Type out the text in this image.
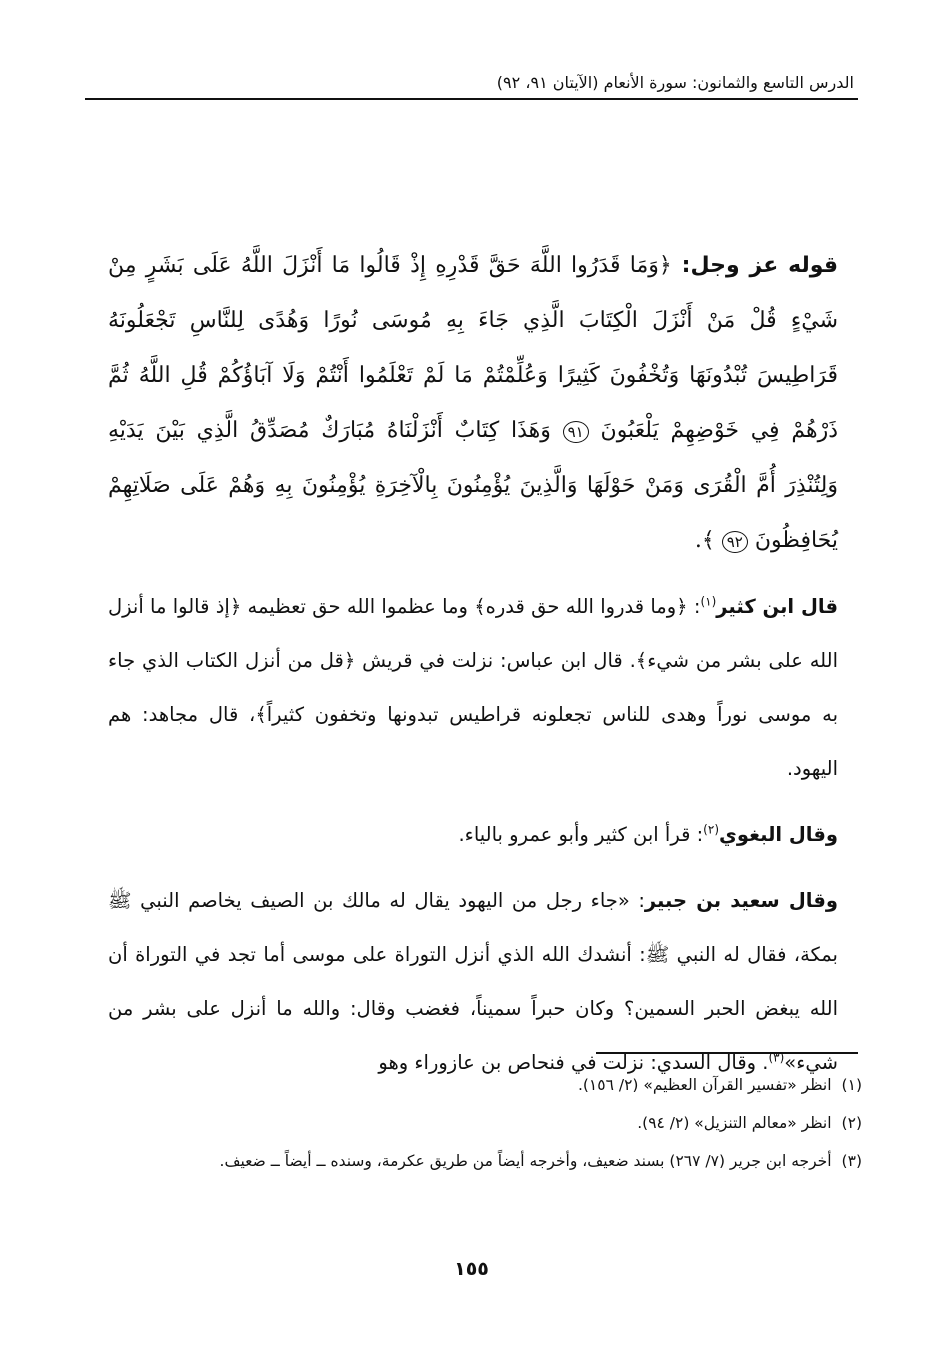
الدرس التاسع والثمانون: سورة الأنعام (الآيتان ٩١، ٩٢)

قوله عز وجل: ﴿وَمَا قَدَرُوا اللَّهَ حَقَّ قَدْرِهِ إِذْ قَالُوا مَا أَنْزَلَ اللَّهُ عَلَى بَشَرٍ مِنْ شَيْءٍ قُلْ مَنْ أَنْزَلَ الْكِتَابَ الَّذِي جَاءَ بِهِ مُوسَى نُورًا وَهُدًى لِلنَّاسِ تَجْعَلُونَهُ قَرَاطِيسَ تُبْدُونَهَا وَتُخْفُونَ كَثِيرًا وَعُلِّمْتُمْ مَا لَمْ تَعْلَمُوا أَنْتُمْ وَلَا آبَاؤُكُمْ قُلِ اللَّهُ ثُمَّ ذَرْهُمْ فِي خَوْضِهِمْ يَلْعَبُونَ ٩١ وَهَذَا كِتَابٌ أَنْزَلْنَاهُ مُبَارَكٌ مُصَدِّقُ الَّذِي بَيْنَ يَدَيْهِ وَلِتُنْذِرَ أُمَّ الْقُرَى وَمَنْ حَوْلَهَا وَالَّذِينَ يُؤْمِنُونَ بِالْآخِرَةِ يُؤْمِنُونَ بِهِ وَهُمْ عَلَى صَلَاتِهِمْ يُحَافِظُونَ ٩٢ ﴾.

قال ابن كثير$^{(١)}$: ﴿وما قدروا الله حق قدره﴾ وما عظموا الله حق تعظيمه ﴿إذ قالوا ما أنزل الله على بشر من شيء﴾. قال ابن عباس: نزلت في قريش ﴿قل من أنزل الكتاب الذي جاء به موسى نوراً وهدى للناس تجعلونه قراطيس تبدونها وتخفون كثيراً﴾، قال مجاهد: هم اليهود.

وقال البغوي$^{(٢)}$: قرأ ابن كثير وأبو عمرو بالياء.

وقال سعيد بن جبير: «جاء رجل من اليهود يقال له مالك بن الصيف يخاصم النبي ﷺ بمكة، فقال له النبي ﷺ: أنشدك الله الذي أنزل التوراة على موسى أما تجد في التوراة أن الله يبغض الحبر السمين؟ وكان حبراً سميناً، فغضب وقال: والله ما أنزل على بشر من شيء»$^{(٣)}$. وقال السدي: نزلت في فنحاص بن عازوراء وهو

(١)
انظر «تفسير القرآن العظيم» (٢/ ١٥٦).
(٢)
انظر «معالم التنزيل» (٢/ ٩٤).
(٣)
أخرجه ابن جرير (٧/ ٢٦٧) بسند ضعيف، وأخرجه أيضاً من طريق عكرمة، وسنده ــ أيضاً ــ ضعيف.
١٥٥
